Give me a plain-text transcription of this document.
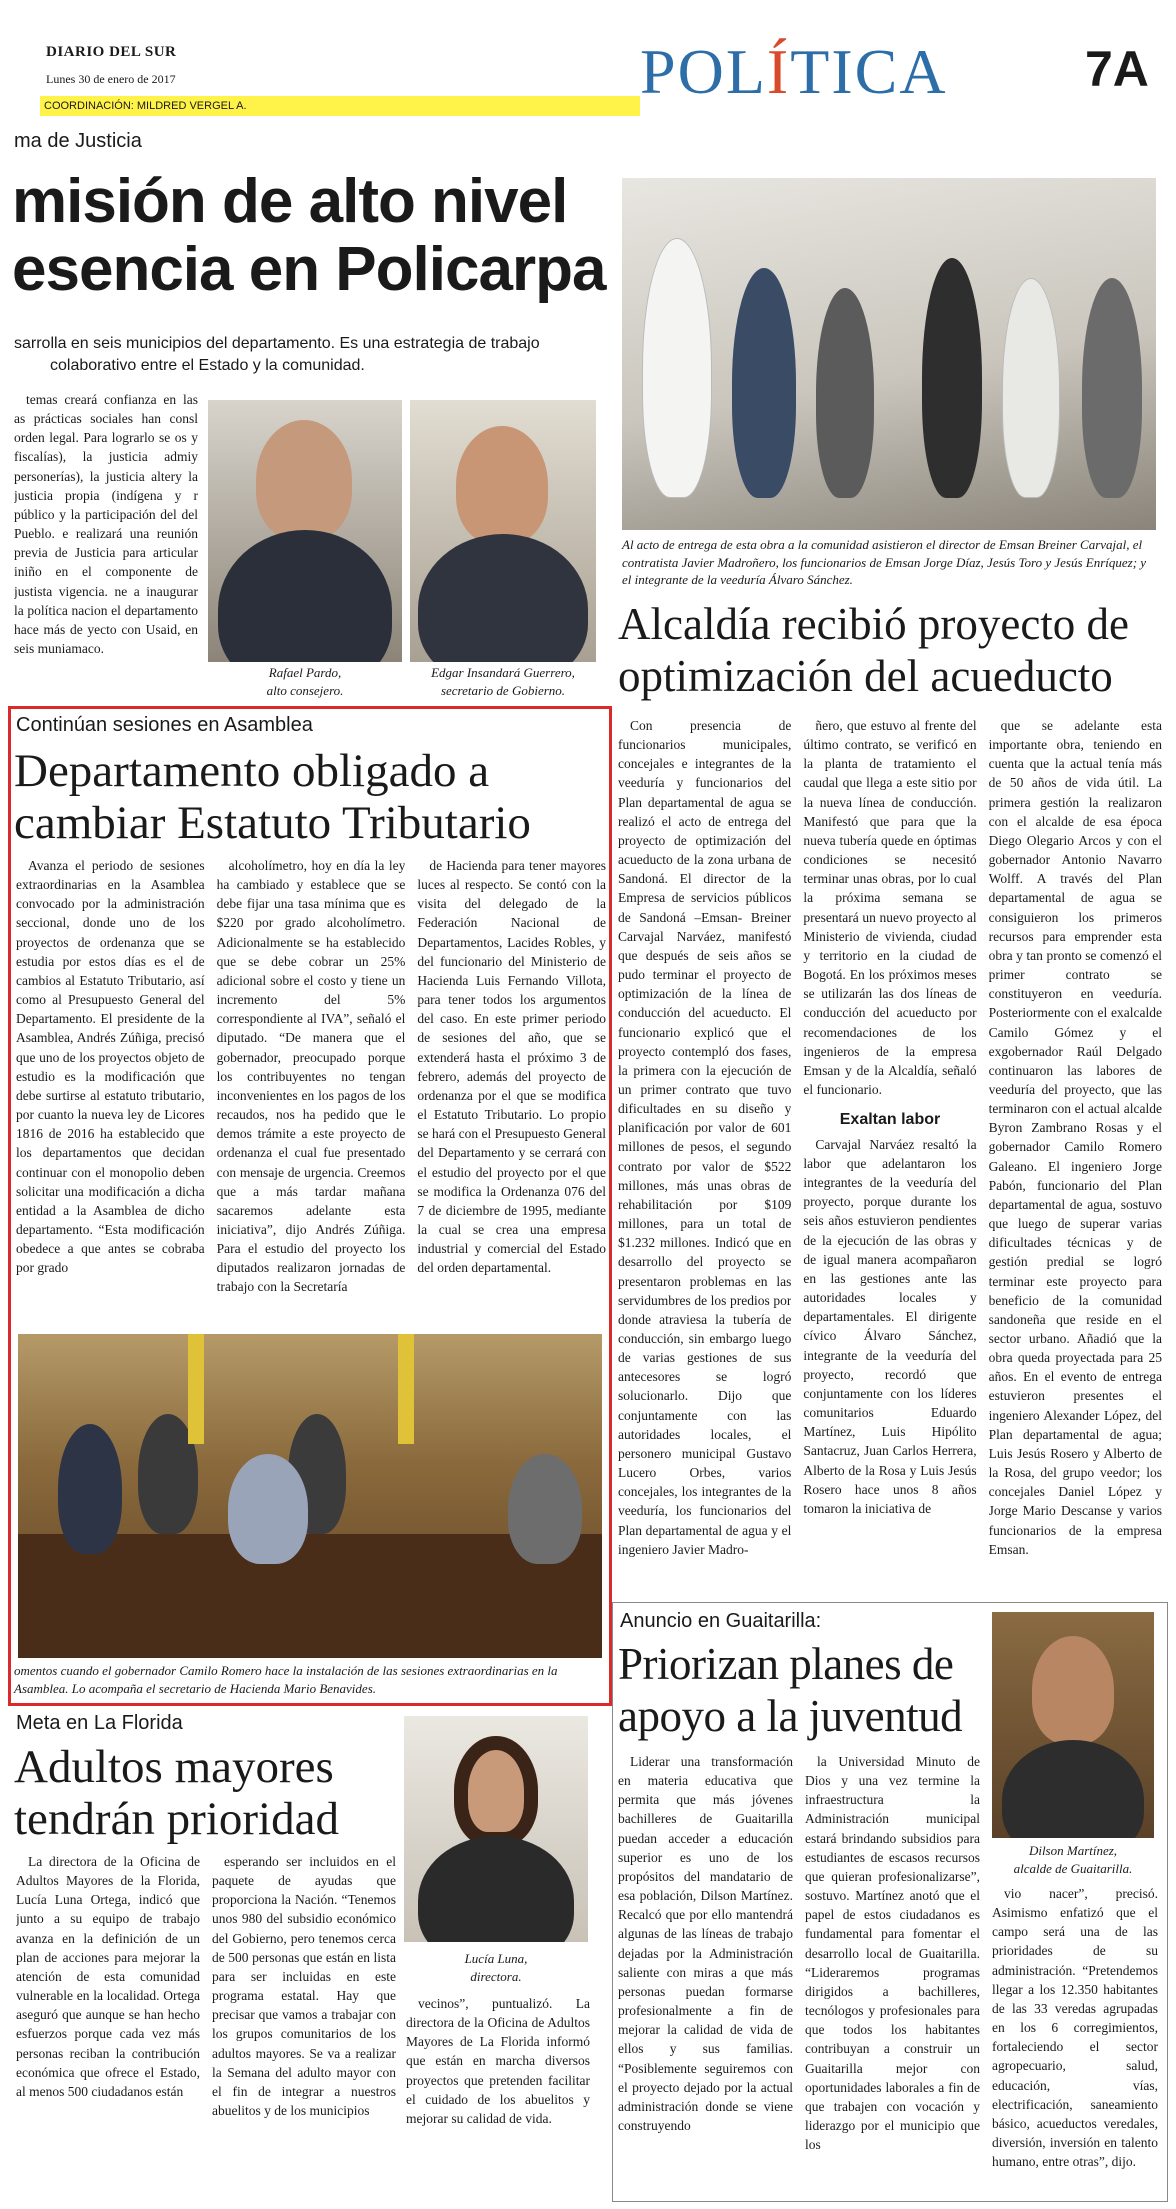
DIARIO DEL SUR
Lunes 30 de enero de 2017
COORDINACIÓN: MILDRED VERGEL A.	POLÍTICA	7A
ma de Justicia
misión de alto nivel
esencia en Policarpa
sarrolla en seis municipios del departamento. Es una estrategia de trabajo
colaborativo entre el Estado y la comunidad.

temas creará confianza en las as prácticas sociales han consl orden legal. Para lograrlo se os y fiscalías), la justicia admiy personerías), la justicia altery la justicia propia (indígena y r público y la participación del del Pueblo. e realizará una reunión previa de Justicia para articular iniño en el componente de justista vigencia. ne a inaugurar la política nacion el departamento hace más de yecto con Usaid, en seis muniamaco.

Rafael Pardo,
alto consejero.
Edgar Insandará Guerrero,
secretario de Gobierno.
Al acto de entrega de esta obra a la comunidad asistieron el director de Emsan Breiner Carvajal, el contratista Javier Madroñero, los funcionarios de Emsan Jorge Díaz, Jesús Toro y Jesús Enríquez; y el integrante de la veeduría Álvaro Sánchez.
Alcaldía recibió proyecto de
optimización del acueducto

Con presencia de funcionarios municipales, concejales e integrantes de la veeduría y funcionarios del Plan departamental de agua se realizó el acto de entrega del proyecto de optimización del acueducto de la zona urbana de Sandoná. El director de la Empresa de servicios públicos de Sandoná –Emsan- Breiner Carvajal Narváez, manifestó que después de seis años se pudo terminar el proyecto de optimización de la línea de conducción del acueducto. El funcionario explicó que el proyecto contempló dos fases, la primera con la ejecución de un primer contrato que tuvo dificultades en su diseño y planificación por valor de 601 millones de pesos, el segundo contrato por valor de $522 millones, más unas obras de rehabilitación por $109 millones, para un total de $1.232 millones. Indicó que en desarrollo del proyecto se presentaron problemas en las servidumbres de los predios por donde atraviesa la tubería de conducción, sin embargo luego de varias gestiones de sus antecesores se logró solucionarlo. Dijo que conjuntamente con las autoridades locales, el personero municipal Gustavo Lucero Orbes, varios concejales, los integrantes de la veeduría, los funcionarios del Plan departamental de agua y el ingeniero Javier Madro-

ñero, que estuvo al frente del último contrato, se verificó en la planta de tratamiento el caudal que llega a este sitio por la nueva línea de conducción. Manifestó que para que la nueva tubería quede en óptimas condiciones se necesitó terminar unas obras, por lo cual la próxima semana se presentará un nuevo proyecto al Ministerio de vivienda, ciudad y territorio en la ciudad de Bogotá. En los próximos meses se utilizarán las dos líneas de conducción del acueducto por recomendaciones de los ingenieros de la empresa Emsan y de la Alcaldía, señaló el funcionario.

Exaltan labor

Carvajal Narváez resaltó la labor que adelantaron los integrantes de la veeduría del proyecto, porque durante los seis años estuvieron pendientes de la ejecución de las obras y de igual manera acompañaron en las gestiones ante las autoridades locales y departamentales. El dirigente cívico Álvaro Sánchez, integrante de la veeduría del proyecto, recordó que conjuntamente con los líderes comunitarios Eduardo Martínez, Luis Hipólito Santacruz, Juan Carlos Herrera, Alberto de la Rosa y Luis Jesús Rosero hace unos 8 años tomaron la iniciativa de

que se adelante esta importante obra, teniendo en cuenta que la actual tenía más de 50 años de vida útil. La primera gestión la realizaron con el alcalde de esa época Diego Olegario Arcos y con el gobernador Antonio Navarro Wolff. A través del Plan departamental de agua se consiguieron los primeros recursos para emprender esta obra y tan pronto se comenzó el primer contrato se constituyeron en veeduría. Posteriormente con el exalcalde Camilo Gómez y el exgobernador Raúl Delgado continuaron las labores de veeduría del proyecto, que las terminaron con el actual alcalde Byron Zambrano Rosas y el gobernador Camilo Romero Galeano. El ingeniero Jorge Pabón, funcionario del Plan departamental de agua, sostuvo que luego de superar varias dificultades técnicas y de gestión predial se logró terminar este proyecto para beneficio de la comunidad sandoneña que reside en el sector urbano. Añadió que la obra queda proyectada para 25 años. En el evento de entrega estuvieron presentes el ingeniero Alexander López, del Plan departamental de agua; Luis Jesús Rosero y Alberto de la Rosa, del grupo veedor; los concejales Daniel López y Jorge Mario Descanse y varios funcionarios de la empresa Emsan.

Continúan sesiones en Asamblea
Departamento obligado a
cambiar Estatuto Tributario

Avanza el periodo de sesiones extraordinarias en la Asamblea convocado por la administración seccional, donde uno de los proyectos de ordenanza que se estudia por estos días es el de cambios al Estatuto Tributario, así como al Presupuesto General del Departamento. El presidente de la Asamblea, Andrés Zúñiga, precisó que uno de los proyectos objeto de estudio es la modificación que debe surtirse al estatuto tributario, por cuanto la nueva ley de Licores 1816 de 2016 ha establecido que los departamentos que decidan continuar con el monopolio deben solicitar una modificación a dicha entidad a la Asamblea de dicho departamento. “Esta modificación obedece a que antes se cobraba por grado

alcoholímetro, hoy en día la ley ha cambiado y establece que se debe fijar una tasa mínima que es $220 por grado alcoholímetro. Adicionalmente se ha establecido que se debe cobrar un 25% adicional sobre el costo y tiene un incremento del 5% correspondiente al IVA”, señaló el diputado. “De manera que el gobernador, preocupado porque los contribuyentes no tengan inconvenientes en los pagos de los recaudos, nos ha pedido que le demos trámite a este proyecto de ordenanza el cual fue presentado con mensaje de urgencia. Creemos que a más tardar mañana sacaremos adelante esta iniciativa”, dijo Andrés Zúñiga. Para el estudio del proyecto los diputados realizaron jornadas de trabajo con la Secretaría

de Hacienda para tener mayores luces al respecto. Se contó con la visita del delegado de la Federación Nacional de Departamentos, Lacides Robles, y del funcionario del Ministerio de Hacienda Luis Fernando Villota, para tener todos los argumentos del caso. En este primer periodo de sesiones del año, que se extenderá hasta el próximo 3 de febrero, además del proyecto de ordenanza por el que se modifica el Estatuto Tributario. Lo propio se hará con el Presupuesto General del Departamento y se cerrará con el estudio del proyecto por el que se modifica la Ordenanza 076 del 7 de diciembre de 1995, mediante la cual se crea una empresa industrial y comercial del Estado del orden departamental.

omentos cuando el gobernador Camilo Romero hace la instalación de las sesiones extraordinarias en la Asamblea. Lo acompaña el secretario de Hacienda Mario Benavides.
Meta en La Florida
Adultos mayores
tendrán prioridad
Lucía Luna,
directora.

La directora de la Oficina de Adultos Mayores de la Florida, Lucía Luna Ortega, indicó que junto a su equipo de trabajo avanza en la definición de un plan de acciones para mejorar la atención de esta comunidad vulnerable en la localidad. Ortega aseguró que aunque se han hecho esfuerzos porque cada vez más personas reciban la contribución económica que ofrece el Estado, al menos 500 ciudadanos están

esperando ser incluidos en el paquete de ayudas que proporciona la Nación. “Tenemos unos 980 del subsidio económico del Gobierno, pero tenemos cerca de 500 personas que están en lista para ser incluidas en este programa estatal. Hay que precisar que vamos a trabajar con los grupos comunitarios de los adultos mayores. Se va a realizar la Semana del adulto mayor con el fin de integrar a nuestros abuelitos y de los municipios

vecinos”, puntualizó. La directora de la Oficina de Adultos Mayores de La Florida informó que están en marcha diversos proyectos que pretenden facilitar el cuidado de los abuelitos y mejorar su calidad de vida.

Anuncio en Guaitarilla:
Priorizan planes de
apoyo a la juventud
Dilson Martínez,
alcalde de Guaitarilla.

Liderar una transformación en materia educativa que permita que más jóvenes bachilleres de Guaitarilla puedan acceder a educación superior es uno de los propósitos del mandatario de esa población, Dilson Martínez. Recalcó que por ello mantendrá algunas de las líneas de trabajo dejadas por la Administración saliente con miras a que más personas puedan formarse profesionalmente a fin de mejorar la calidad de vida de ellos y sus familias. “Posiblemente seguiremos con el proyecto dejado por la actual administración donde se viene construyendo

la Universidad Minuto de Dios y una vez termine la infraestructura la Administración municipal estará brindando subsidios para estudiantes de escasos recursos que quieran profesionalizarse”, sostuvo. Martínez anotó que el papel de estos ciudadanos es fundamental para fomentar el desarrollo local de Guaitarilla. “Lideraremos programas dirigidos a bachilleres, tecnólogos y profesionales para que todos los habitantes contribuyan a construir un Guaitarilla mejor con oportunidades laborales a fin de que trabajen con vocación y liderazgo por el municipio que los

vio nacer”, precisó. Asimismo enfatizó que el campo será una de las prioridades de su administración. “Pretendemos llegar a los 12.350 habitantes de las 33 veredas agrupadas en los 6 corregimientos, fortaleciendo el sector agropecuario, salud, educación, vías, electrificación, saneamiento básico, acueductos veredales, diversión, inversión en talento humano, entre otras”, dijo.
